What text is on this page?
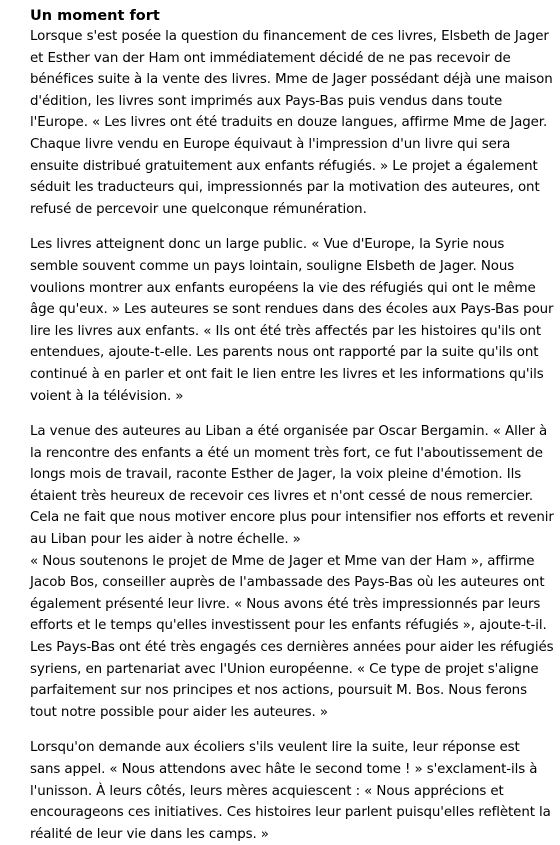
Un moment fort

Lorsque s'est posée la question du financement de ces livres, Elsbeth de Jager et Esther van der Ham ont immédiatement décidé de ne pas recevoir de bénéfices suite à la vente des livres. Mme de Jager possédant déjà une maison d'édition, les livres sont imprimés aux Pays-Bas puis vendus dans toute l'Europe. « Les livres ont été traduits en douze langues, affirme Mme de Jager. Chaque livre vendu en Europe équivaut à l'impression d'un livre qui sera ensuite distribué gratuitement aux enfants réfugiés. » Le projet a également séduit les traducteurs qui, impressionnés par la motivation des auteures, ont refusé de percevoir une quelconque rémunération.

Les livres atteignent donc un large public. « Vue d'Europe, la Syrie nous semble souvent comme un pays lointain, souligne Elsbeth de Jager. Nous voulions montrer aux enfants européens la vie des réfugiés qui ont le même âge qu'eux. » Les auteures se sont rendues dans des écoles aux Pays-Bas pour lire les livres aux enfants. « Ils ont été très affectés par les histoires qu'ils ont entendues, ajoute-t-elle. Les parents nous ont rapporté par la suite qu'ils ont continué à en parler et ont fait le lien entre les livres et les informations qu'ils voient à la télévision. »

La venue des auteures au Liban a été organisée par Oscar Bergamin. « Aller à la rencontre des enfants a été un moment très fort, ce fut l'aboutissement de longs mois de travail, raconte Esther de Jager, la voix pleine d'émotion. Ils étaient très heureux de recevoir ces livres et n'ont cessé de nous remercier. Cela ne fait que nous motiver encore plus pour intensifier nos efforts et revenir au Liban pour les aider à notre échelle. »

« Nous soutenons le projet de Mme de Jager et Mme van der Ham », affirme Jacob Bos, conseiller auprès de l'ambassade des Pays-Bas où les auteures ont également présenté leur livre. « Nous avons été très impressionnés par leurs efforts et le temps qu'elles investissent pour les enfants réfugiés », ajoute-t-il. Les Pays-Bas ont été très engagés ces dernières années pour aider les réfugiés syriens, en partenariat avec l'Union européenne. « Ce type de projet s'aligne parfaitement sur nos principes et nos actions, poursuit M. Bos. Nous ferons tout notre possible pour aider les auteures. »

Lorsqu'on demande aux écoliers s'ils veulent lire la suite, leur réponse est sans appel. « Nous attendons avec hâte le second tome ! » s'exclament-ils à l'unisson. À leurs côtés, leurs mères acquiescent : « Nous apprécions et encourageons ces initiatives. Ces histoires leur parlent puisqu'elles reflètent la réalité de leur vie dans les camps. »
